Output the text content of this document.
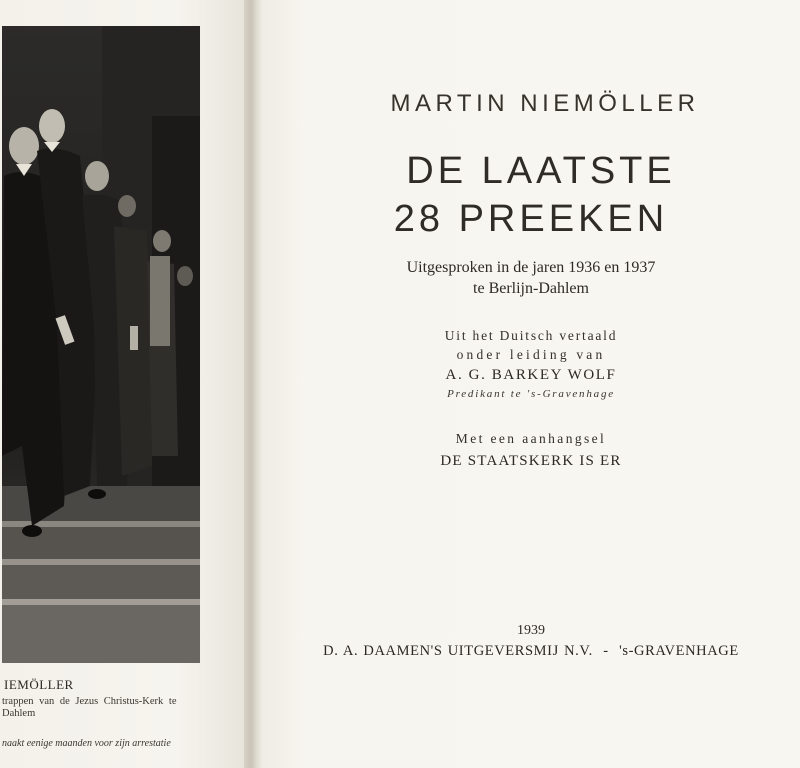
IEMÖLLER
trappen van de Jezus Christus-Kerk te
Dahlem
naakt eenige maanden voor zijn arrestatie
MARTIN NIEMÖLLER
DE LAATSTE
28 PREEKEN
Uitgesproken in de jaren 1936 en 1937
te Berlijn-Dahlem
Uit het Duitsch vertaald
onder leiding van
A. G. BARKEY WOLF
Predikant te 's-Gravenhage
Met een aanhangsel
DE STAATSKERK IS ER
1939
D. A. DAAMEN'S UITGEVERSMIJ N.V.  -  's-GRAVENHAGE
